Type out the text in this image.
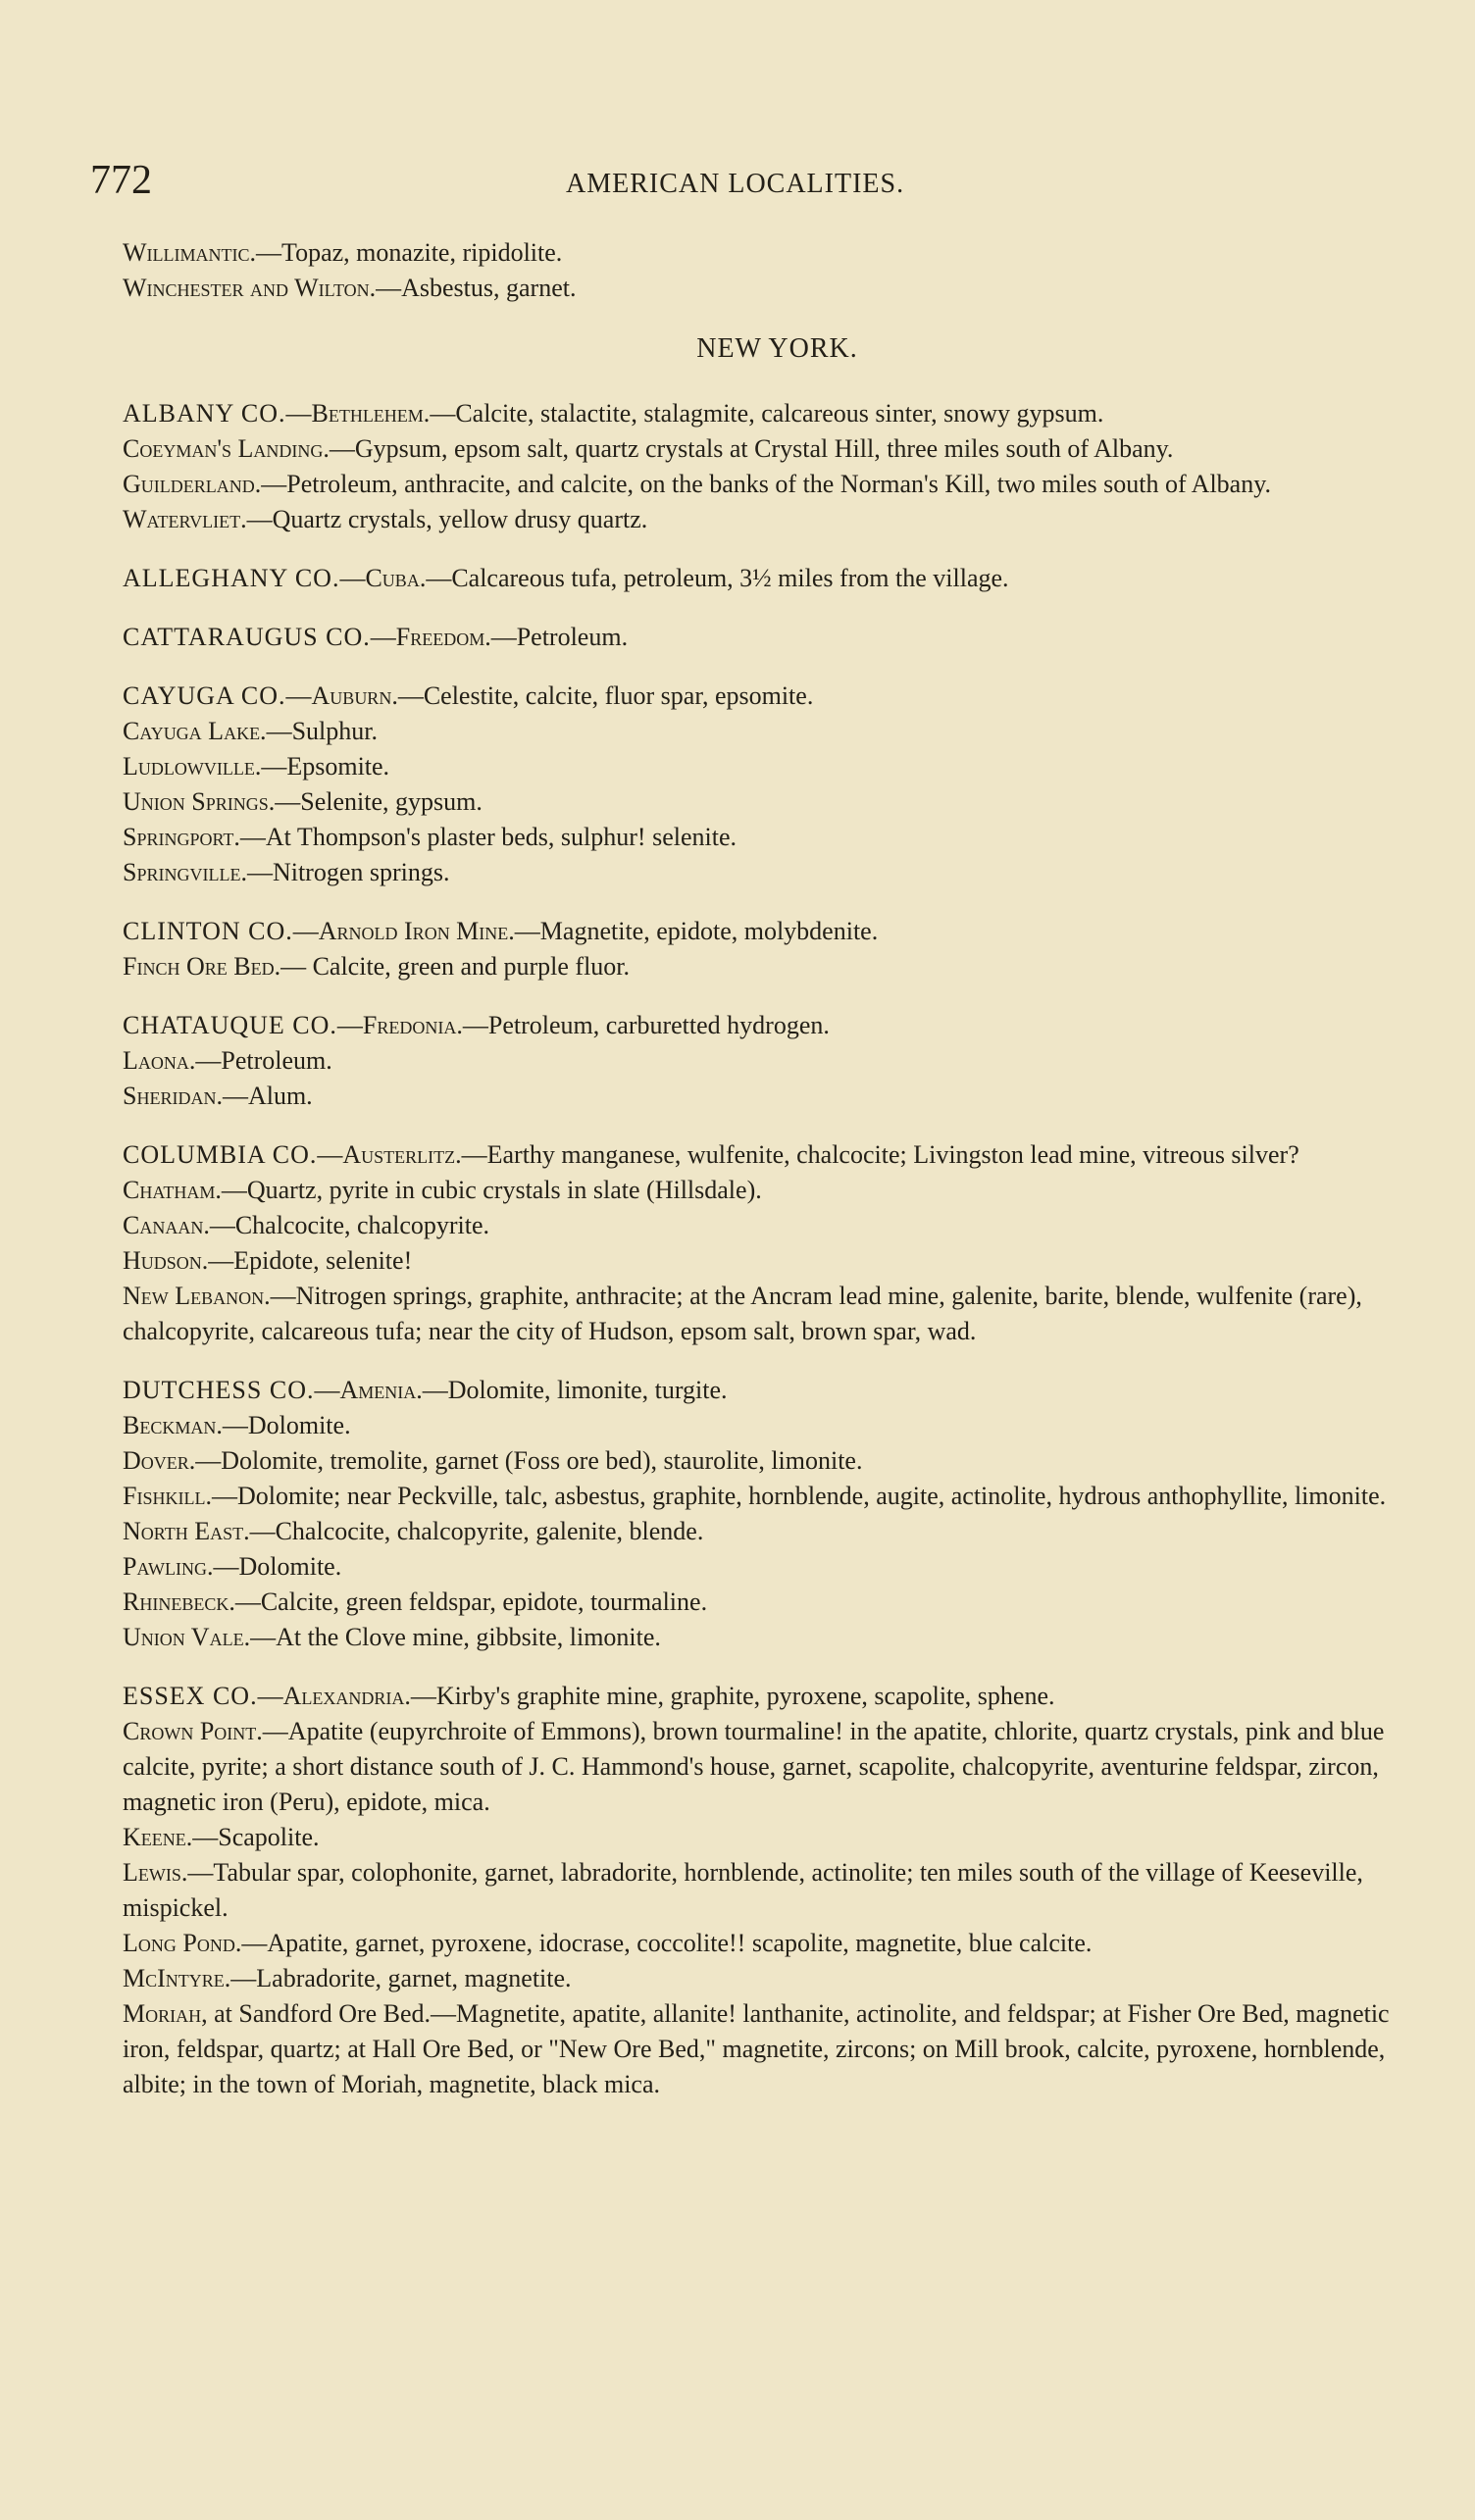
772	AMERICAN LOCALITIES.

Willimantic.—Topaz, monazite, ripidolite.

Winchester and Wilton.—Asbestus, garnet.

NEW YORK.

ALBANY CO.—Bethlehem.—Calcite, stalactite, stalagmite, calcareous sinter, snowy gypsum.

Coeyman's Landing.—Gypsum, epsom salt, quartz crystals at Crystal Hill, three miles south of Albany.

Guilderland.—Petroleum, anthracite, and calcite, on the banks of the Norman's Kill, two miles south of Albany.

Watervliet.—Quartz crystals, yellow drusy quartz.

ALLEGHANY CO.—Cuba.—Calcareous tufa, petroleum, 3½ miles from the village.

CATTARAUGUS CO.—Freedom.—Petroleum.

CAYUGA CO.—Auburn.—Celestite, calcite, fluor spar, epsomite.

Cayuga Lake.—Sulphur.

Ludlowville.—Epsomite.

Union Springs.—Selenite, gypsum.

Springport.—At Thompson's plaster beds, sulphur! selenite.

Springville.—Nitrogen springs.

CLINTON CO.—Arnold Iron Mine.—Magnetite, epidote, molybdenite.

Finch Ore Bed.— Calcite, green and purple fluor.

CHATAUQUE CO.—Fredonia.—Petroleum, carburetted hydrogen.

Laona.—Petroleum.

Sheridan.—Alum.

COLUMBIA CO.—Austerlitz.—Earthy manganese, wulfenite, chalcocite; Livingston lead mine, vitreous silver?

Chatham.—Quartz, pyrite in cubic crystals in slate (Hillsdale).

Canaan.—Chalcocite, chalcopyrite.

Hudson.—Epidote, selenite!

New Lebanon.—Nitrogen springs, graphite, anthracite; at the Ancram lead mine, galenite, barite, blende, wulfenite (rare), chalcopyrite, calcareous tufa; near the city of Hudson, epsom salt, brown spar, wad.

DUTCHESS CO.—Amenia.—Dolomite, limonite, turgite.

Beckman.—Dolomite.

Dover.—Dolomite, tremolite, garnet (Foss ore bed), staurolite, limonite.

Fishkill.—Dolomite; near Peckville, talc, asbestus, graphite, hornblende, augite, actinolite, hydrous anthophyllite, limonite.

North East.—Chalcocite, chalcopyrite, galenite, blende.

Pawling.—Dolomite.

Rhinebeck.—Calcite, green feldspar, epidote, tourmaline.

Union Vale.—At the Clove mine, gibbsite, limonite.

ESSEX CO.—Alexandria.—Kirby's graphite mine, graphite, pyroxene, scapolite, sphene.

Crown Point.—Apatite (eupyrchroite of Emmons), brown tourmaline! in the apatite, chlorite, quartz crystals, pink and blue calcite, pyrite; a short distance south of J. C. Hammond's house, garnet, scapolite, chalcopyrite, aventurine feldspar, zircon, magnetic iron (Peru), epidote, mica.

Keene.—Scapolite.

Lewis.—Tabular spar, colophonite, garnet, labradorite, hornblende, actinolite; ten miles south of the village of Keeseville, mispickel.

Long Pond.—Apatite, garnet, pyroxene, idocrase, coccolite!! scapolite, magnetite, blue calcite.

McIntyre.—Labradorite, garnet, magnetite.

Moriah, at Sandford Ore Bed.—Magnetite, apatite, allanite! lanthanite, actinolite, and feldspar; at Fisher Ore Bed, magnetic iron, feldspar, quartz; at Hall Ore Bed, or "New Ore Bed," magnetite, zircons; on Mill brook, calcite, pyroxene, hornblende, albite; in the town of Moriah, magnetite, black mica.
